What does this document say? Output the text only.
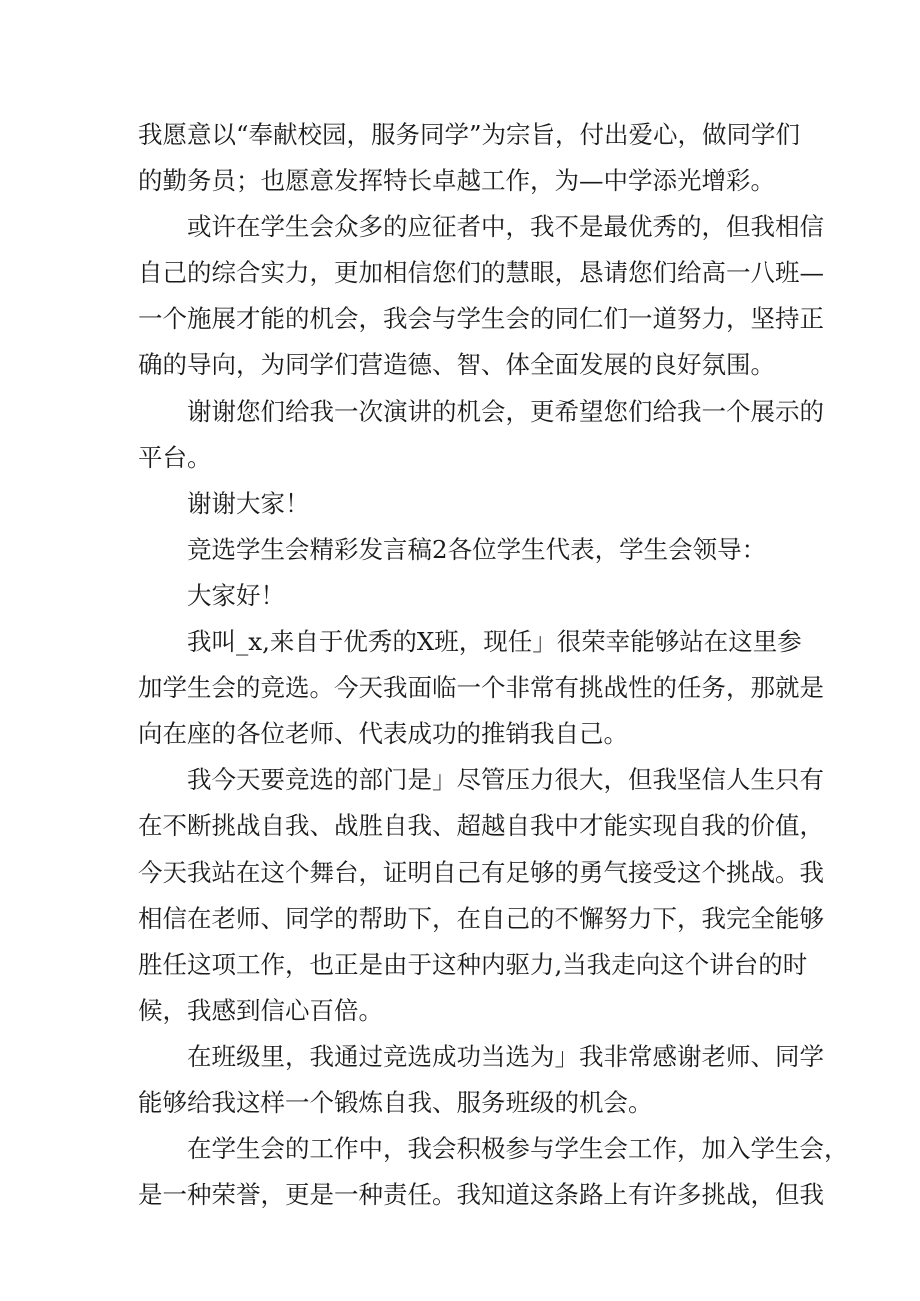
我愿意以“奉献校园，服务同学”为宗旨，付出爱心，做同学们
的勤务员；也愿意发挥特长卓越工作，为—中学添光增彩。
或许在学生会众多的应征者中，我不是最优秀的，但我相信
自己的综合实力，更加相信您们的慧眼，恳请您们给高一八班—
一个施展才能的机会，我会与学生会的同仁们一道努力，坚持正
确的导向，为同学们营造德、智、体全面发展的良好氛围。
谢谢您们给我一次演讲的机会，更希望您们给我一个展示的
平台。
谢谢大家！
竞选学生会精彩发言稿2各位学生代表，学生会领导：
大家好！
我叫_x,来自于优秀的X班，现任」很荣幸能够站在这里参
加学生会的竞选。今天我面临一个非常有挑战性的任务，那就是
向在座的各位老师、代表成功的推销我自己。
我今天要竞选的部门是」尽管压力很大，但我坚信人生只有
在不断挑战自我、战胜自我、超越自我中才能实现自我的价值，
今天我站在这个舞台，证明自己有足够的勇气接受这个挑战。我
相信在老师、同学的帮助下，在自己的不懈努力下，我完全能够
胜任这项工作，也正是由于这种内驱力,当我走向这个讲台的时
候，我感到信心百倍。
在班级里，我通过竞选成功当选为」我非常感谢老师、同学
能够给我这样一个锻炼自我、服务班级的机会。
在学生会的工作中，我会积极参与学生会工作，加入学生会，
是一种荣誉，更是一种责任。我知道这条路上有许多挑战，但我
